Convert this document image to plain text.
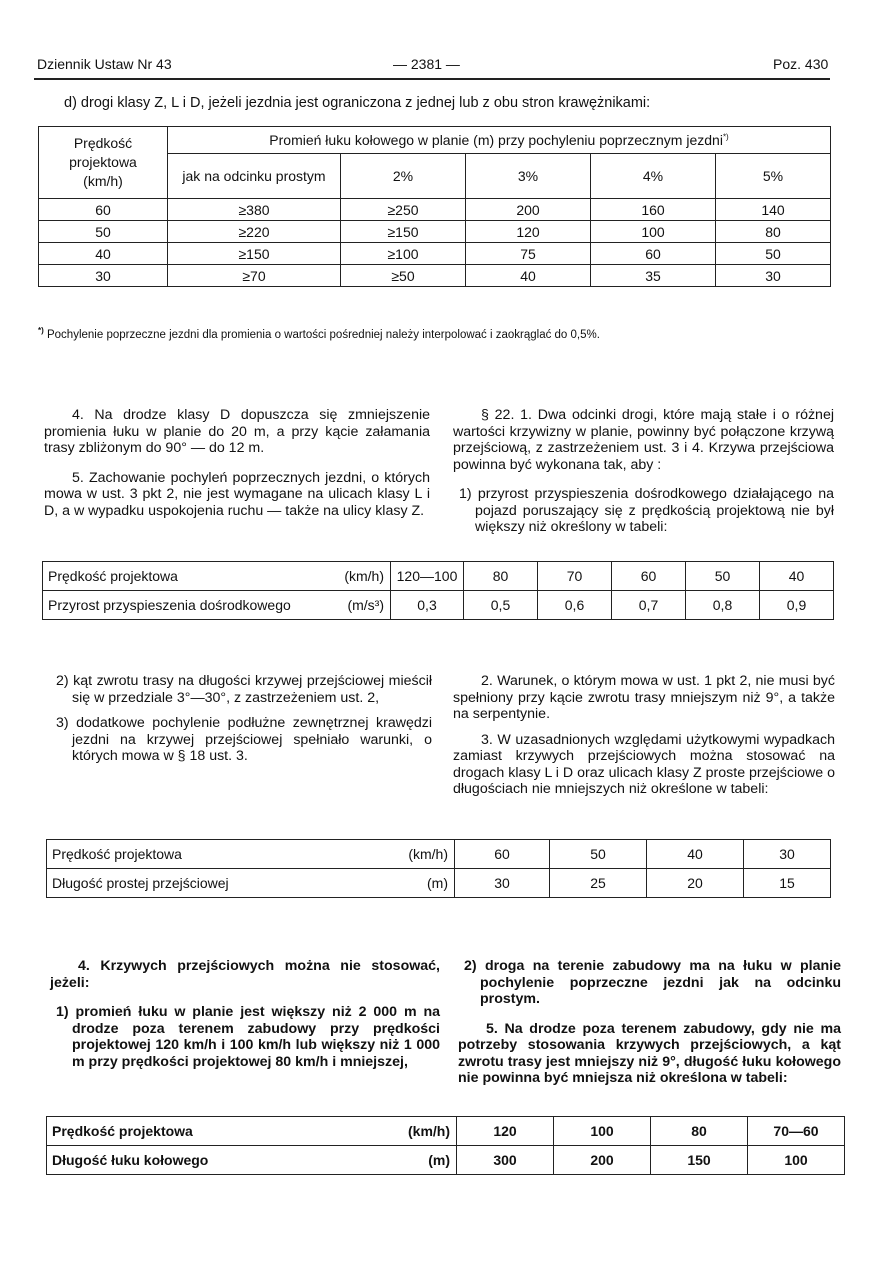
Dziennik Ustaw Nr 43	— 2381 —	Poz. 430
d) drogi klasy Z, L i D, jeżeli jezdnia jest ograniczona z jednej lub z obu stron krawężnikami:
Prędkość
projektowa
(km/h)	Promień łuku kołowego w planie (m) przy pochyleniu poprzecznym jezdni*)
	jak na odcinku prostym	2%	3%	4%	5%
60	≥380	≥250	200	160	140
50	≥220	≥150	120	100	80
40	≥150	≥100	75	60	50
30	≥70	≥50	40	35	30
*) Pochylenie poprzeczne jezdni dla promienia o wartości pośredniej należy interpolować i zaokrąglać do 0,5%.

4. Na drodze klasy D dopuszcza się zmniejszenie promienia łuku w planie do 20 m, a przy kącie załamania trasy zbliżonym do 90° — do 12 m.

5. Zachowanie pochyleń poprzecznych jezdni, o których mowa w ust. 3 pkt 2, nie jest wymagane na ulicach klasy L i D, a w wypadku uspokojenia ruchu — także na ulicy klasy Z.

§ 22. 1. Dwa odcinki drogi, które mają stałe i o różnej wartości krzywizny w planie, powinny być połączone krzywą przejściową, z zastrzeżeniem ust. 3 i 4. Krzywa przejściowa powinna być wykonana tak, aby :

1) przyrost przyspieszenia dośrodkowego działającego na pojazd poruszający się z prędkością projektową nie był większy niż określony w tabeli:

Prędkość projektowa (km/h)	120—100	80	70	60	50	40
Przyrost przyspieszenia dośrodkowego (m/s³)	0,3	0,5	0,6	0,7	0,8	0,9

2) kąt zwrotu trasy na długości krzywej przejściowej mieścił się w przedziale 3°—30°, z zastrzeżeniem ust. 2,

3) dodatkowe pochylenie podłużne zewnętrznej krawędzi jezdni na krzywej przejściowej spełniało warunki, o których mowa w § 18 ust. 3.

2. Warunek, o którym mowa w ust. 1 pkt 2, nie musi być spełniony przy kącie zwrotu trasy mniejszym niż 9°, a także na serpentynie.

3. W uzasadnionych względami użytkowymi wypadkach zamiast krzywych przejściowych można stosować na drogach klasy L i D oraz ulicach klasy Z proste przejściowe o długościach nie mniejszych niż określone w tabeli:

Prędkość projektowa (km/h)	60	50	40	30
Długość prostej przejściowej (m)	30	25	20	15

4. Krzywych przejściowych można nie stosować, jeżeli:

1) promień łuku w planie jest większy niż 2 000 m na drodze poza terenem zabudowy przy prędkości projektowej 120 km/h i 100 km/h lub większy niż 1 000 m przy prędkości projektowej 80 km/h i mniejszej,

2) droga na terenie zabudowy ma na łuku w planie pochylenie poprzeczne jezdni jak na odcinku prostym.

5. Na drodze poza terenem zabudowy, gdy nie ma potrzeby stosowania krzywych przejściowych, a kąt zwrotu trasy jest mniejszy niż 9°, długość łuku kołowego nie powinna być mniejsza niż określona w tabeli:

Prędkość projektowa (km/h)	120	100	80	70—60
Długość łuku kołowego (m)	300	200	150	100
